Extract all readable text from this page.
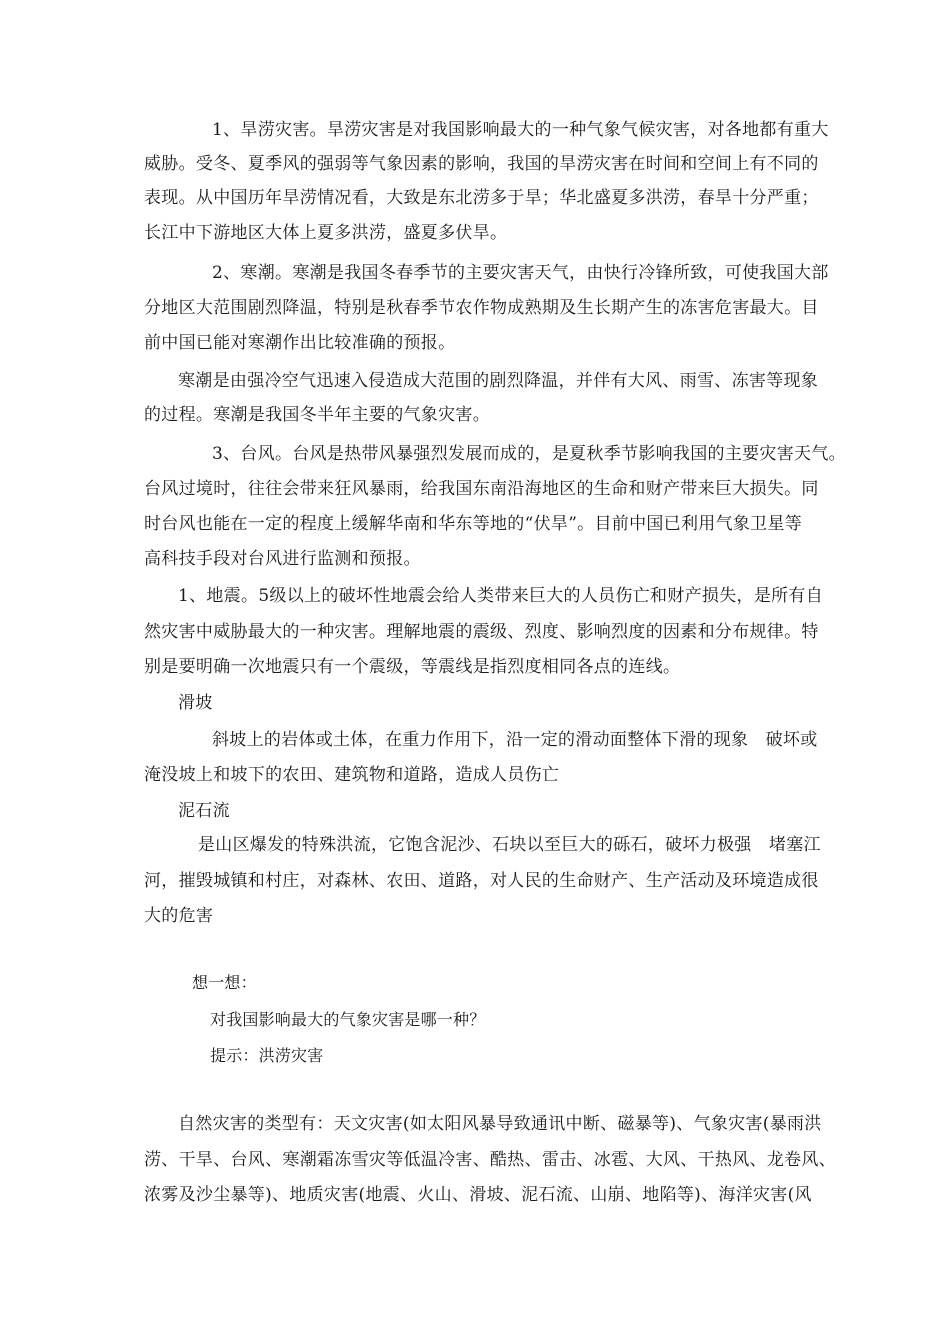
1、旱涝灾害。旱涝灾害是对我国影响最大的一种气象气候灾害，对各地都有重大
威胁。受冬、夏季风的强弱等气象因素的影响，我国的旱涝灾害在时间和空间上有不同的
表现。从中国历年旱涝情况看，大致是东北涝多于旱；华北盛夏多洪涝，春旱十分严重；
长江中下游地区大体上夏多洪涝，盛夏多伏旱。
2、寒潮。寒潮是我国冬春季节的主要灾害天气，由快行冷锋所致，可使我国大部
分地区大范围剧烈降温，特别是秋春季节农作物成熟期及生长期产生的冻害危害最大。目
前中国已能对寒潮作出比较准确的预报。
寒潮是由强冷空气迅速入侵造成大范围的剧烈降温，并伴有大风、雨雪、冻害等现象
的过程。寒潮是我国冬半年主要的气象灾害。
3、台风。台风是热带风暴强烈发展而成的，是夏秋季节影响我国的主要灾害天气。
台风过境时，往往会带来狂风暴雨，给我国东南沿海地区的生命和财产带来巨大损失。同
时台风也能在一定的程度上缓解华南和华东等地的“伏旱”。目前中国已利用气象卫星等
高科技手段对台风进行监测和预报。
1、地震。5级以上的破坏性地震会给人类带来巨大的人员伤亡和财产损失，是所有自
然灾害中威胁最大的一种灾害。理解地震的震级、烈度、影响烈度的因素和分布规律。特
别是要明确一次地震只有一个震级，等震线是指烈度相同各点的连线。
滑坡
斜坡上的岩体或土体，在重力作用下，沿一定的滑动面整体下滑的现象　破坏或
淹没坡上和坡下的农田、建筑物和道路，造成人员伤亡
泥石流
是山区爆发的特殊洪流，它饱含泥沙、石块以至巨大的砾石，破坏力极强　堵塞江
河，摧毁城镇和村庄，对森林、农田、道路，对人民的生命财产、生产活动及环境造成很
大的危害
想一想：
对我国影响最大的气象灾害是哪一种？
提示：洪涝灾害
自然灾害的类型有：天文灾害(如太阳风暴导致通讯中断、磁暴等)、气象灾害(暴雨洪
涝、干旱、台风、寒潮霜冻雪灾等低温冷害、酷热、雷击、冰雹、大风、干热风、龙卷风、
浓雾及沙尘暴等)、地质灾害(地震、火山、滑坡、泥石流、山崩、地陷等)、海洋灾害(风
